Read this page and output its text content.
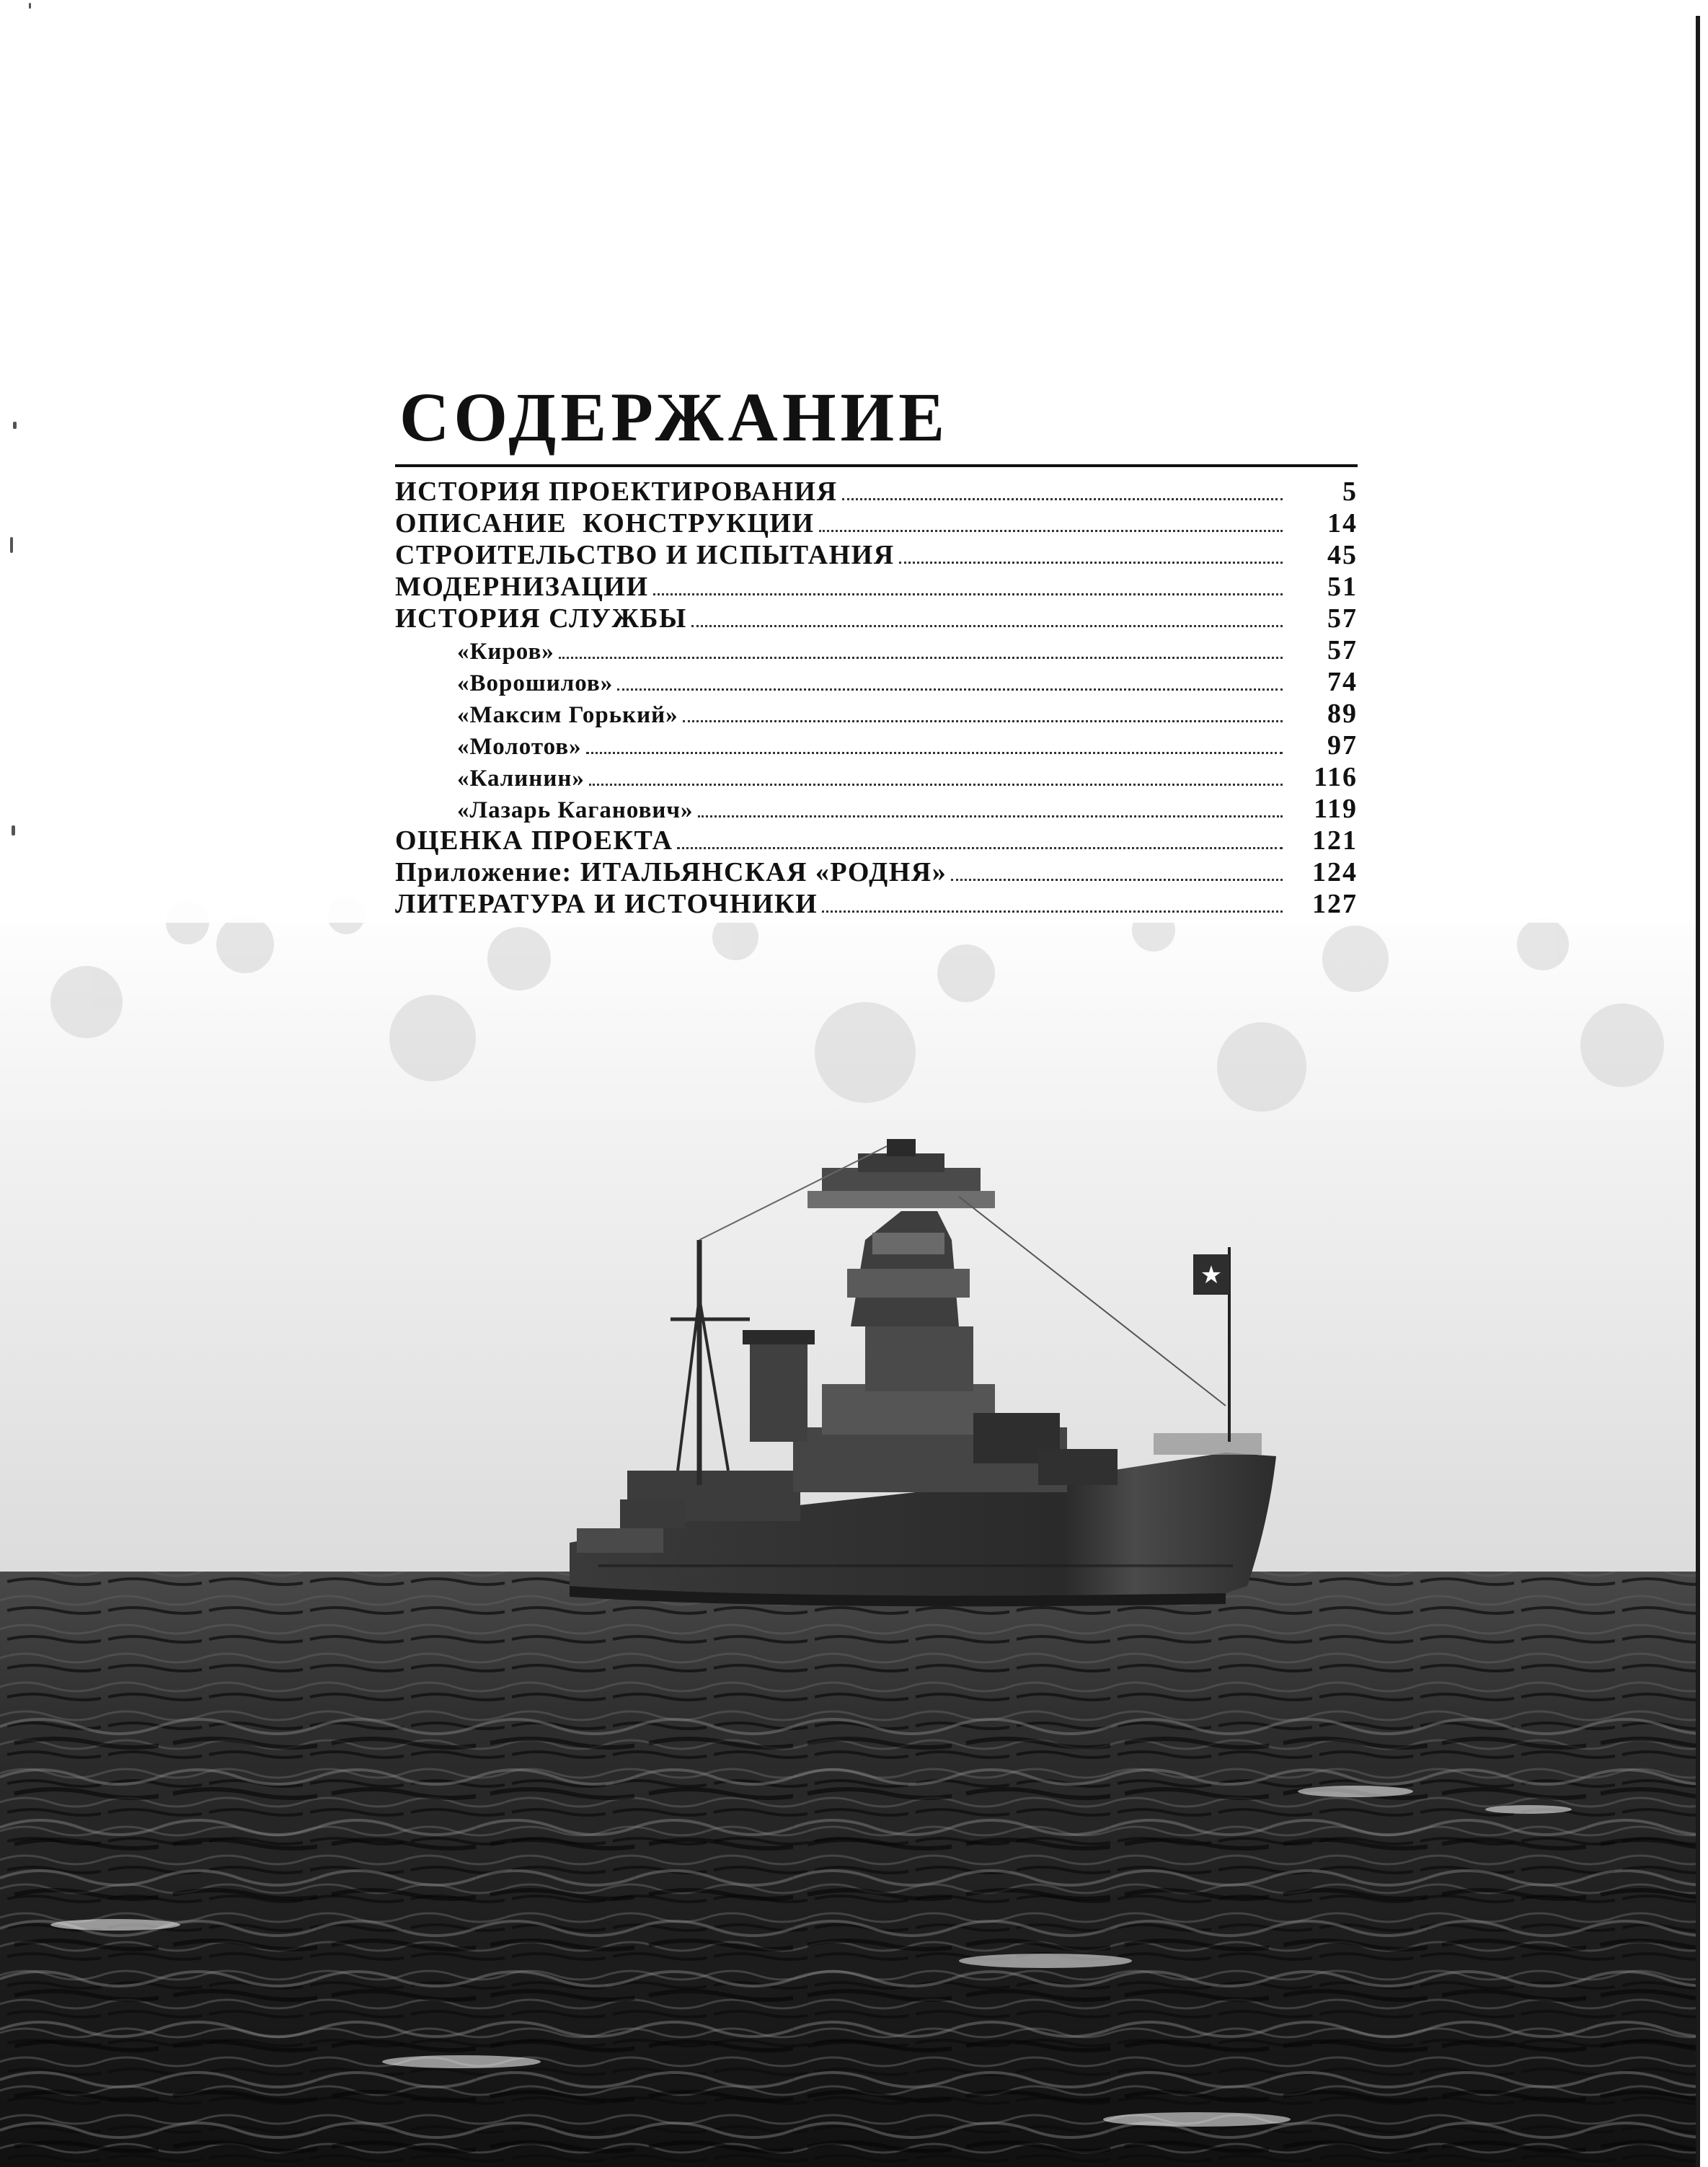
★
СОДЕРЖАНИЕ
ИСТОРИЯ ПРОЕКТИРОВАНИЯ	5
ОПИСАНИЕ  КОНСТРУКЦИИ	14
СТРОИТЕЛЬСТВО И ИСПЫТАНИЯ	45
МОДЕРНИЗАЦИИ	51
ИСТОРИЯ СЛУЖБЫ	57
«Киров»	57
«Ворошилов»	74
«Максим Горький»	89
«Молотов»	97
«Калинин»	116
«Лазарь Каганович»	119
ОЦЕНКА ПРОЕКТА	121
Приложение: ИТАЛЬЯНСКАЯ «РОДНЯ»	124
ЛИТЕРАТУРА И ИСТОЧНИКИ	127
